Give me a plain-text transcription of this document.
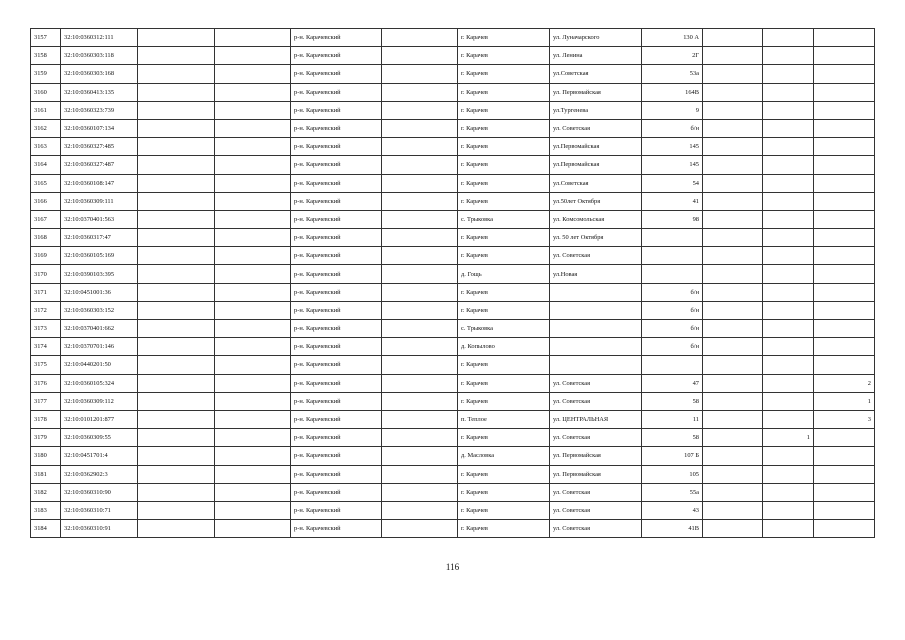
3157	32:10:0360312:111			р-н. Карачевский		г. Карачев	ул. Луначарского	130 А			
3158	32:10:0360303:118			р-н. Карачевский		г. Карачев	ул. Ленина	2Г			
3159	32:10:0360303:168			р-н. Карачевский		г. Карачев	ул.Советская	53а			
3160	32:10:0360413:135			р-н. Карачевский		г. Карачев	ул. Первомайская	164В			
3161	32:10:0360323:739			р-н. Карачевский		г. Карачев	ул.Тургенева	9			
3162	32:10:0360107:134			р-н. Карачевский		г. Карачев	ул. Советская	б/н			
3163	32:10:0360327:485			р-н. Карачевский		г. Карачев	ул.Первомайская	145			
3164	32:10:0360327:487			р-н. Карачевский		г. Карачев	ул.Первомайская	145			
3165	32:10:0360108:147			р-н. Карачевский		г. Карачев	ул.Советская	54			
3166	32:10:0360309:111			р-н. Карачевский		г. Карачев	ул.50лет Октября	41			
3167	32:10:0370401:563			р-н. Карачевский		с. Трыковка	ул. Комсомольская	98			
3168	32:10:0360317:47			р-н. Карачевский		г. Карачев	ул. 50 лет Октября				
3169	32:10:0360105:169			р-н. Карачевский		г. Карачев	ул. Советская				
3170	32:10:0390103:395			р-н. Карачевский		д. Гощь	ул.Новая				
3171	32:10:0451001:36			р-н. Карачевский		г. Карачев		б/н			
3172	32:10:0360303:152			р-н. Карачевский		г. Карачев		б/н			
3173	32:10:0370401:662			р-н. Карачевский		с. Трыковка		б/н			
3174	32:10:0370701:146			р-н. Карачевский		д. Копылово		б/н			
3175	32:10:0440201:50			р-н. Карачевский		г. Карачев					
3176	32:10:0360105:324			р-н. Карачевский		г. Карачев	ул. Советская	47			2
3177	32:10:0360309:112			р-н. Карачевский		г. Карачев	ул. Советская	58			1
3178	32:10:0101201:877			р-н. Карачевский		п. Теплое	ул. ЦЕНТРАЛЬНАЯ	11			3
3179	32:10:0360309:55			р-н. Карачевский		г. Карачев	ул. Советская	58		1	
3180	32:10:0451701:4			р-н. Карачевский		д. Масловка	ул. Первомайская	107 Б			
3181	32:10:0362902:3			р-н. Карачевский		г. Карачев	ул. Первомайская	105			
3182	32:10:0360310:90			р-н. Карачевский		г. Карачев	ул. Советская	55а			
3183	32:10:0360310:71			р-н. Карачевский		г. Карачев	ул. Советская	43			
3184	32:10:0360310:91			р-н. Карачевский		г. Карачев	ул. Советская	41В			
116
